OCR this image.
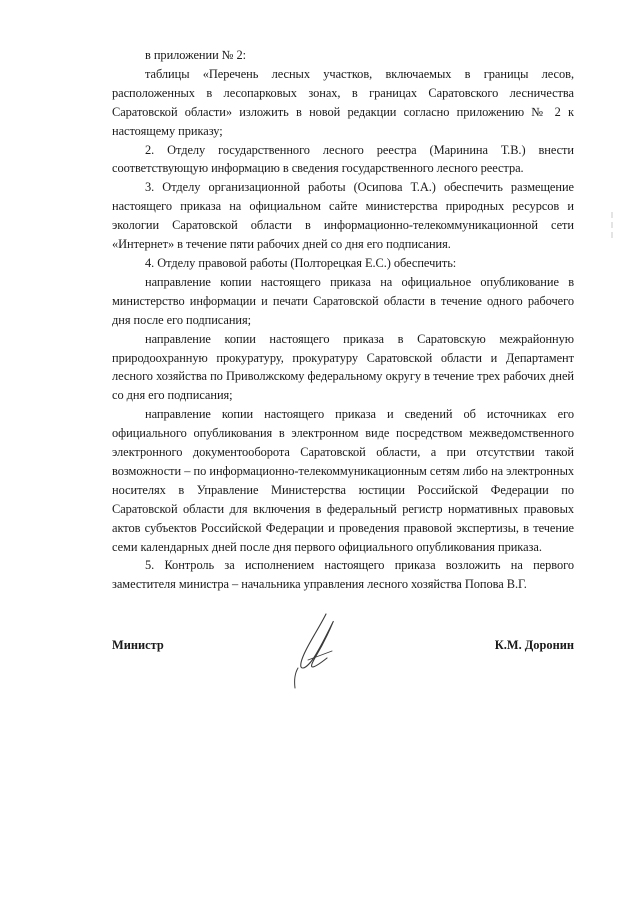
в приложении № 2:

таблицы «Перечень лесных участков, включаемых в границы лесов, расположенных в лесопарковых зонах, в границах Саратовского лесничества Саратовской области» изложить в новой редакции согласно приложению № 2 к настоящему приказу;

2. Отделу государственного лесного реестра (Маринина Т.В.) внести соответствующую информацию в сведения государственного лесного реестра.

3. Отделу организационной работы (Осипова Т.А.) обеспечить размещение настоящего приказа на официальном сайте министерства природных ресурсов и экологии Саратовской области в информационно-телекоммуникационной сети «Интернет» в течение пяти рабочих дней со дня его подписания.

4. Отделу правовой работы (Полторецкая Е.С.) обеспечить:

направление копии настоящего приказа на официальное опубликование в министерство информации и печати Саратовской области в течение одного рабочего дня после его подписания;

направление копии настоящего приказа в Саратовскую межрайонную природоохранную прокуратуру, прокуратуру Саратовской области и Департамент лесного хозяйства по Приволжскому федеральному округу в течение трех рабочих дней со дня его подписания;

направление копии настоящего приказа и сведений об источниках его официального опубликования в электронном виде посредством межведомственного электронного документооборота Саратовской области, а при отсутствии такой возможности – по информационно-телекоммуникационным сетям либо на электронных носителях в Управление Министерства юстиции Российской Федерации по Саратовской области для включения в федеральный регистр нормативных правовых актов субъектов Российской Федерации и проведения правовой экспертизы, в течение семи календарных дней после дня первого официального опубликования приказа.

5. Контроль за исполнением настоящего приказа возложить на первого заместителя министра – начальника управления лесного хозяйства Попова В.Г.

Министр	К.М. Доронин
